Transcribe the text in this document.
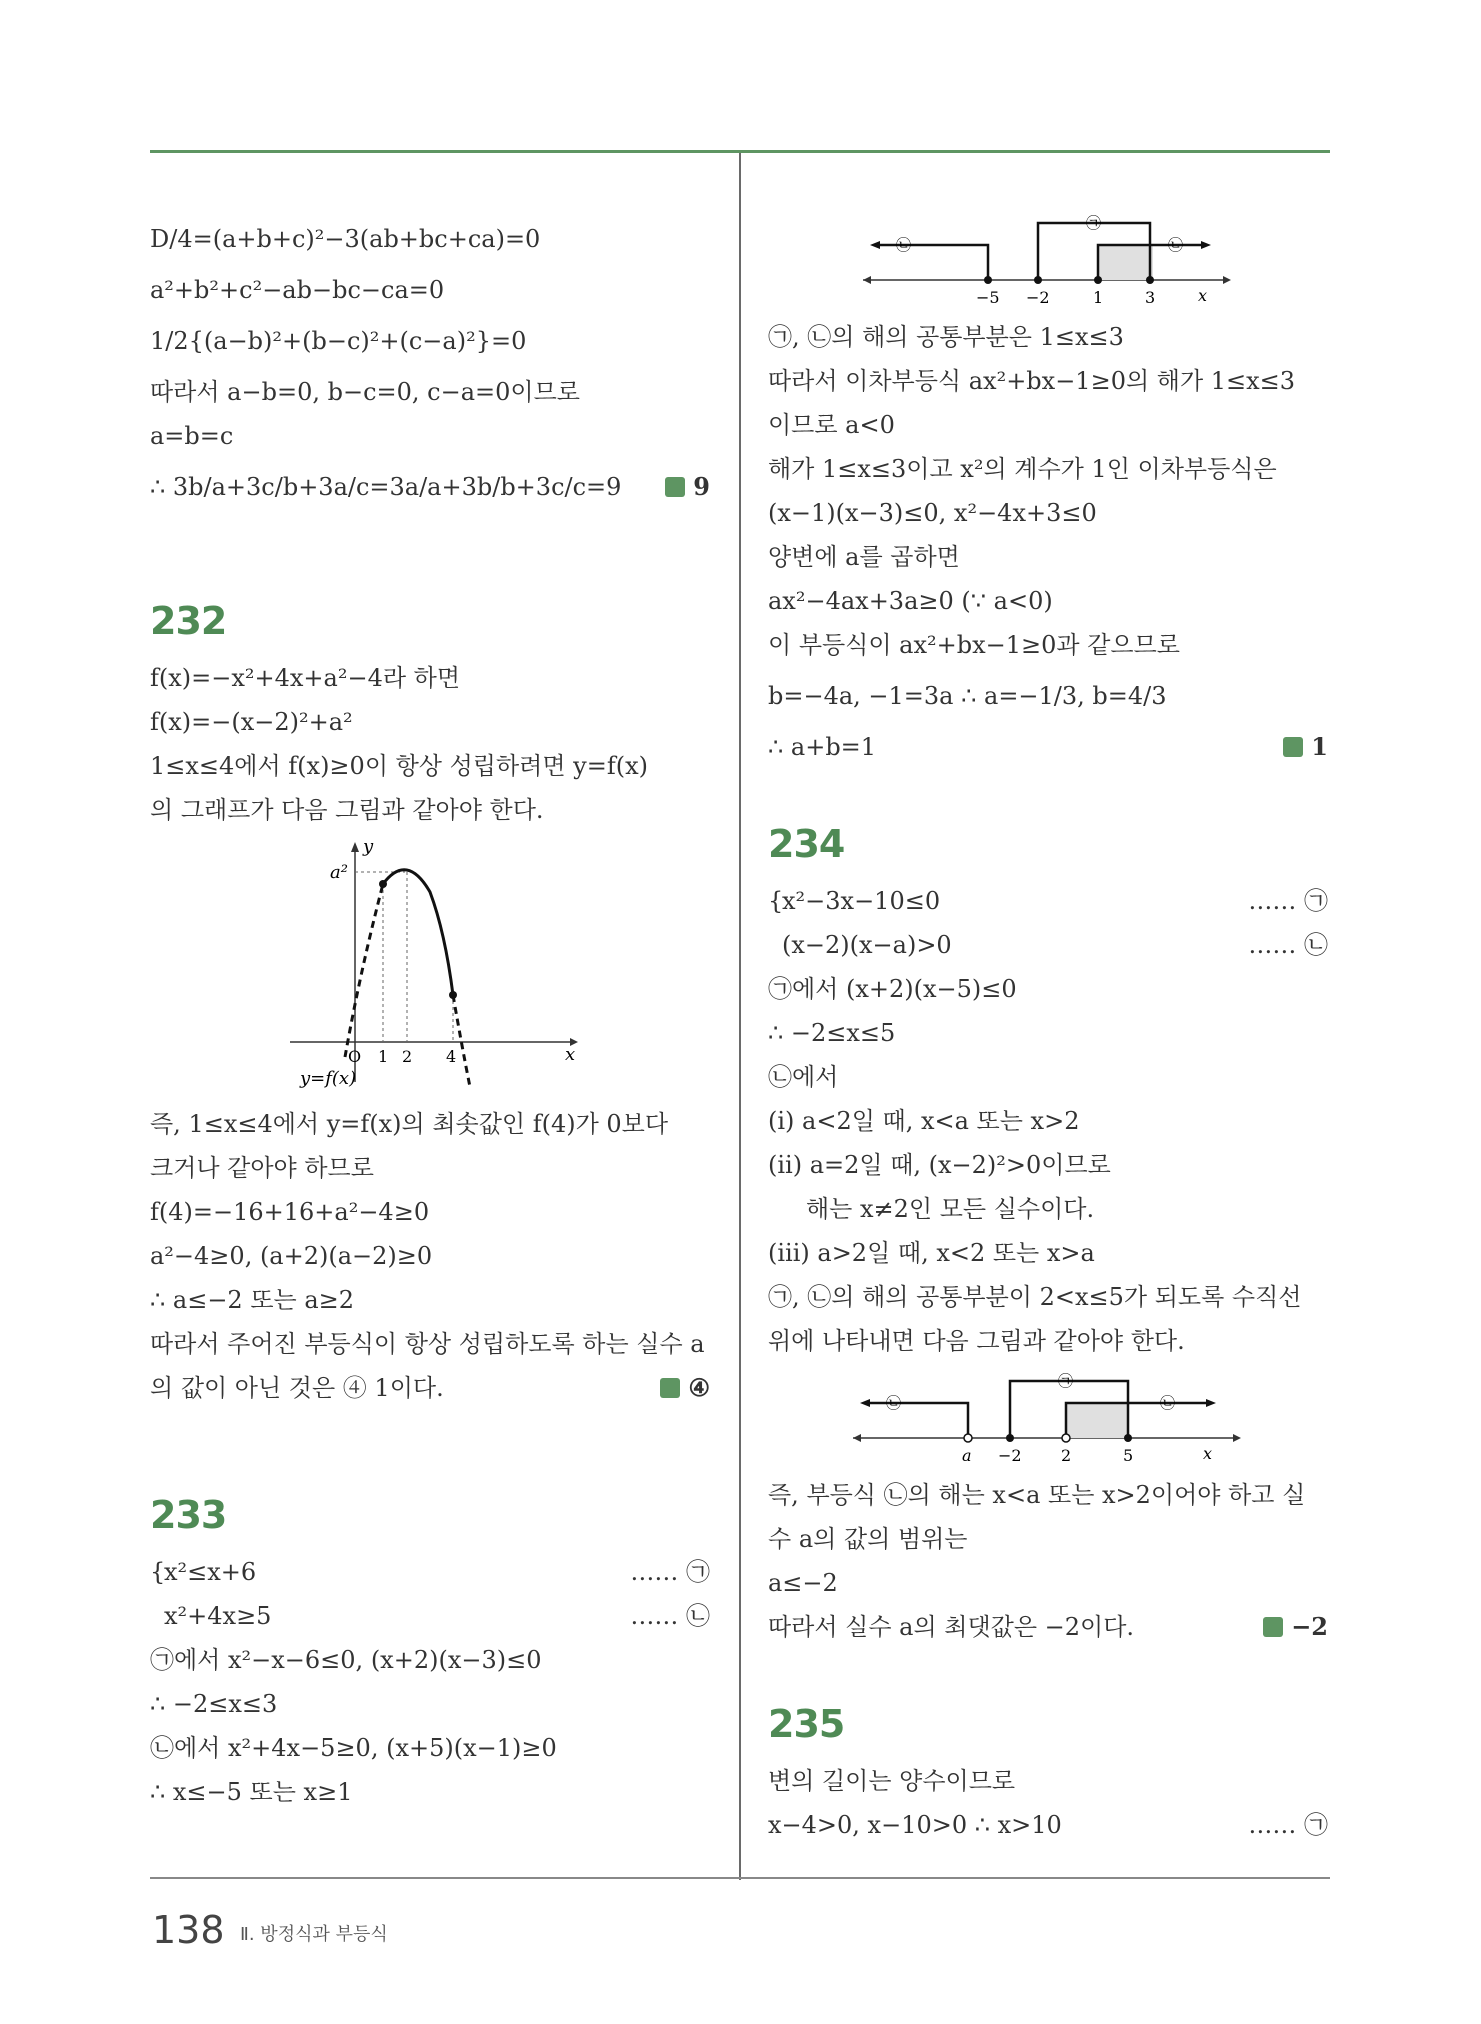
D/4=(a+b+c)²−3(ab+bc+ca)=0
a²+b²+c²−ab−bc−ca=0
1/2{(a−b)²+(b−c)²+(c−a)²}=0
따라서 a−b=0, b−c=0, c−a=0이므로
a=b=c
∴ 3b/a+3c/b+3a/c=3a/a+3b/b+3c/c=9	9
232
f(x)=−x²+4x+a²−4라 하면
f(x)=−(x−2)²+a²
1≤x≤4에서 f(x)≥0이 항상 성립하려면 y=f(x)
의 그래프가 다음 그림과 같아야 한다.
y
x
a²
O 1 2 4
y=f(x)
즉, 1≤x≤4에서 y=f(x)의 최솟값인 f(4)가 0보다
크거나 같아야 하므로
f(4)=−16+16+a²−4≥0
a²−4≥0, (a+2)(a−2)≥0
∴ a≤−2 또는 a≥2
따라서 주어진 부등식이 항상 성립하도록 하는 실수 a
의 값이 아닌 것은 ④ 1이다.	④
233
{x²≤x+6	…… ㉠
x²+4x≥5	…… ㉡
㉠에서 x²−x−6≤0, (x+2)(x−3)≤0
∴ −2≤x≤3
㉡에서 x²+4x−5≥0, (x+5)(x−1)≥0
∴ x≤−5 또는 x≥1
㉠
㉡	㉡
−5 −2	1	3	x
㉠, ㉡의 해의 공통부분은 1≤x≤3
따라서 이차부등식 ax²+bx−1≥0의 해가 1≤x≤3
이므로 a<0
해가 1≤x≤3이고 x²의 계수가 1인 이차부등식은
(x−1)(x−3)≤0, x²−4x+3≤0
양변에 a를 곱하면
ax²−4ax+3a≥0 (∵ a<0)
이 부등식이 ax²+bx−1≥0과 같으므로
b=−4a, −1=3a ∴ a=−1/3, b=4/3
∴ a+b=1	1
234
{x²−3x−10≤0	…… ㉠
(x−2)(x−a)>0	…… ㉡
㉠에서 (x+2)(x−5)≤0
∴ −2≤x≤5
㉡에서
(ⅰ) a<2일 때, x<a 또는 x>2
(ⅱ) a=2일 때, (x−2)²>0이므로
해는 x≠2인 모든 실수이다.
(ⅲ) a>2일 때, x<2 또는 x>a
㉠, ㉡의 해의 공통부분이 2<x≤5가 되도록 수직선
위에 나타내면 다음 그림과 같아야 한다.
㉠
㉡	㉡
a −2 2	5	x
즉, 부등식 ㉡의 해는 x<a 또는 x>2이어야 하고 실
수 a의 값의 범위는
a≤−2
따라서 실수 a의 최댓값은 −2이다.	−2
235
변의 길이는 양수이므로
x−4>0, x−10>0 ∴ x>10	…… ㉠
138 Ⅱ. 방정식과 부등식
